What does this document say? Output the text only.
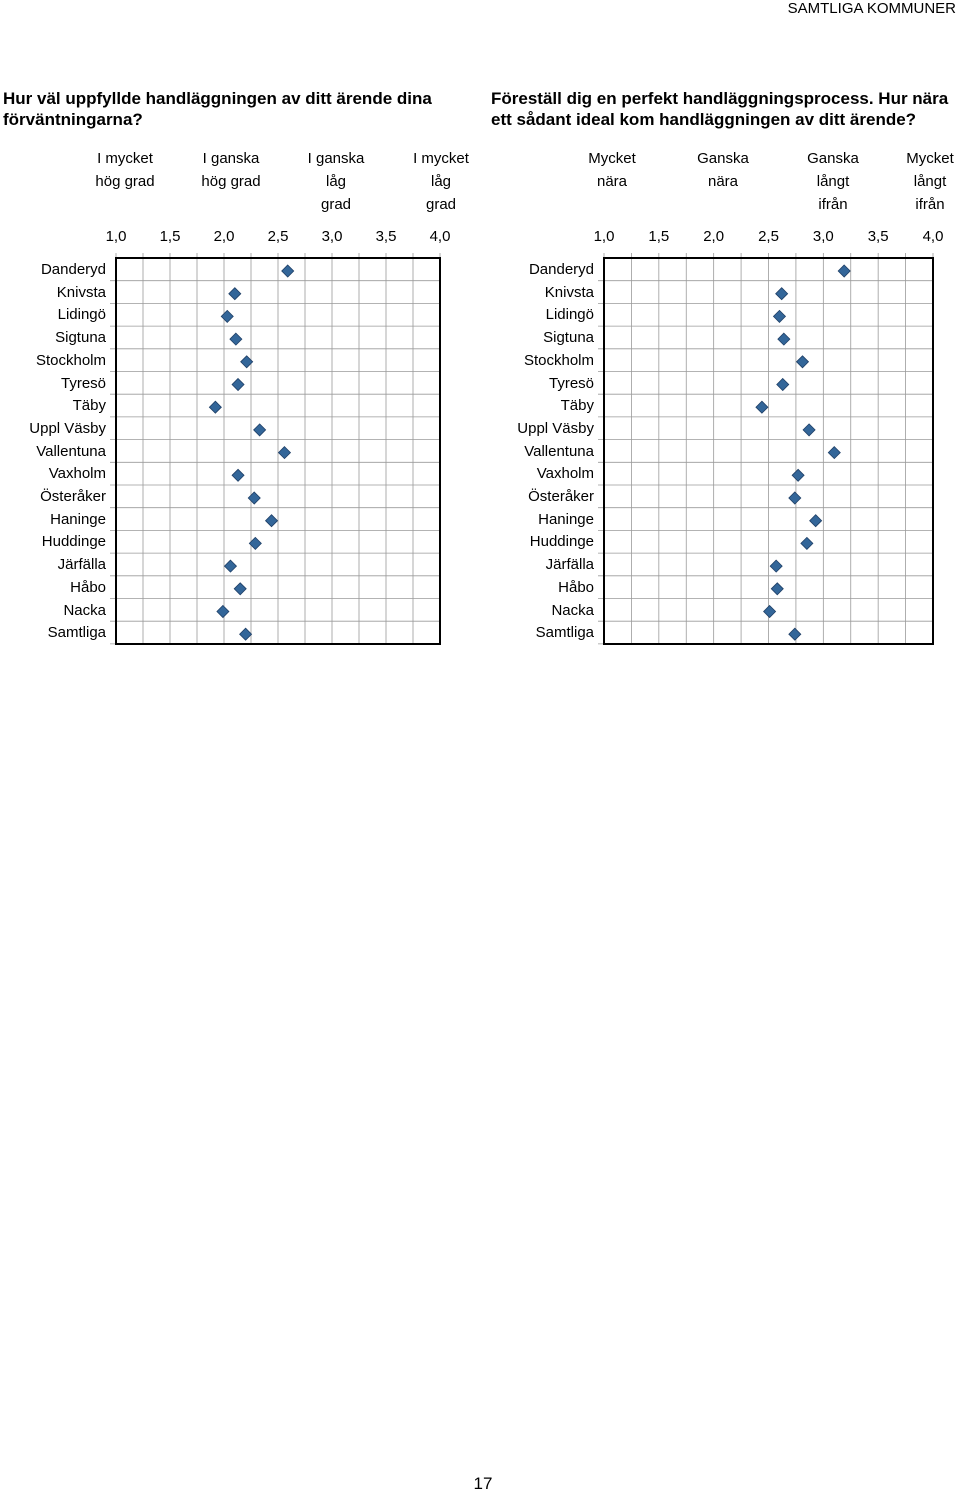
SAMTLIGA KOMMUNER
Hur väl uppfyllde handläggningen av ditt ärende dina förväntningarna?
Föreställ dig en perfekt handläggningsprocess. Hur nära ett sådant ideal kom handläggningen av ditt ärende?
I mycket
hög grad
I ganska
hög grad
I ganska
låg
grad
I mycket
låg
grad
1,0	1,5	2,0	2,5	3,0	3,5	4,0
Danderyd
Knivsta
Lidingö
Sigtuna
Stockholm
Tyresö
Täby
Uppl Väsby
Vallentuna
Vaxholm
Österåker
Haninge
Huddinge
Järfälla
Håbo
Nacka
Samtliga
Mycket
nära
Ganska
nära
Ganska
långt
ifrån
Mycket
långt
ifrån
1,0	1,5	2,0	2,5	3,0	3,5	4,0
Danderyd
Knivsta
Lidingö
Sigtuna
Stockholm
Tyresö
Täby
Uppl Väsby
Vallentuna
Vaxholm
Österåker
Haninge
Huddinge
Järfälla
Håbo
Nacka
Samtliga
17
